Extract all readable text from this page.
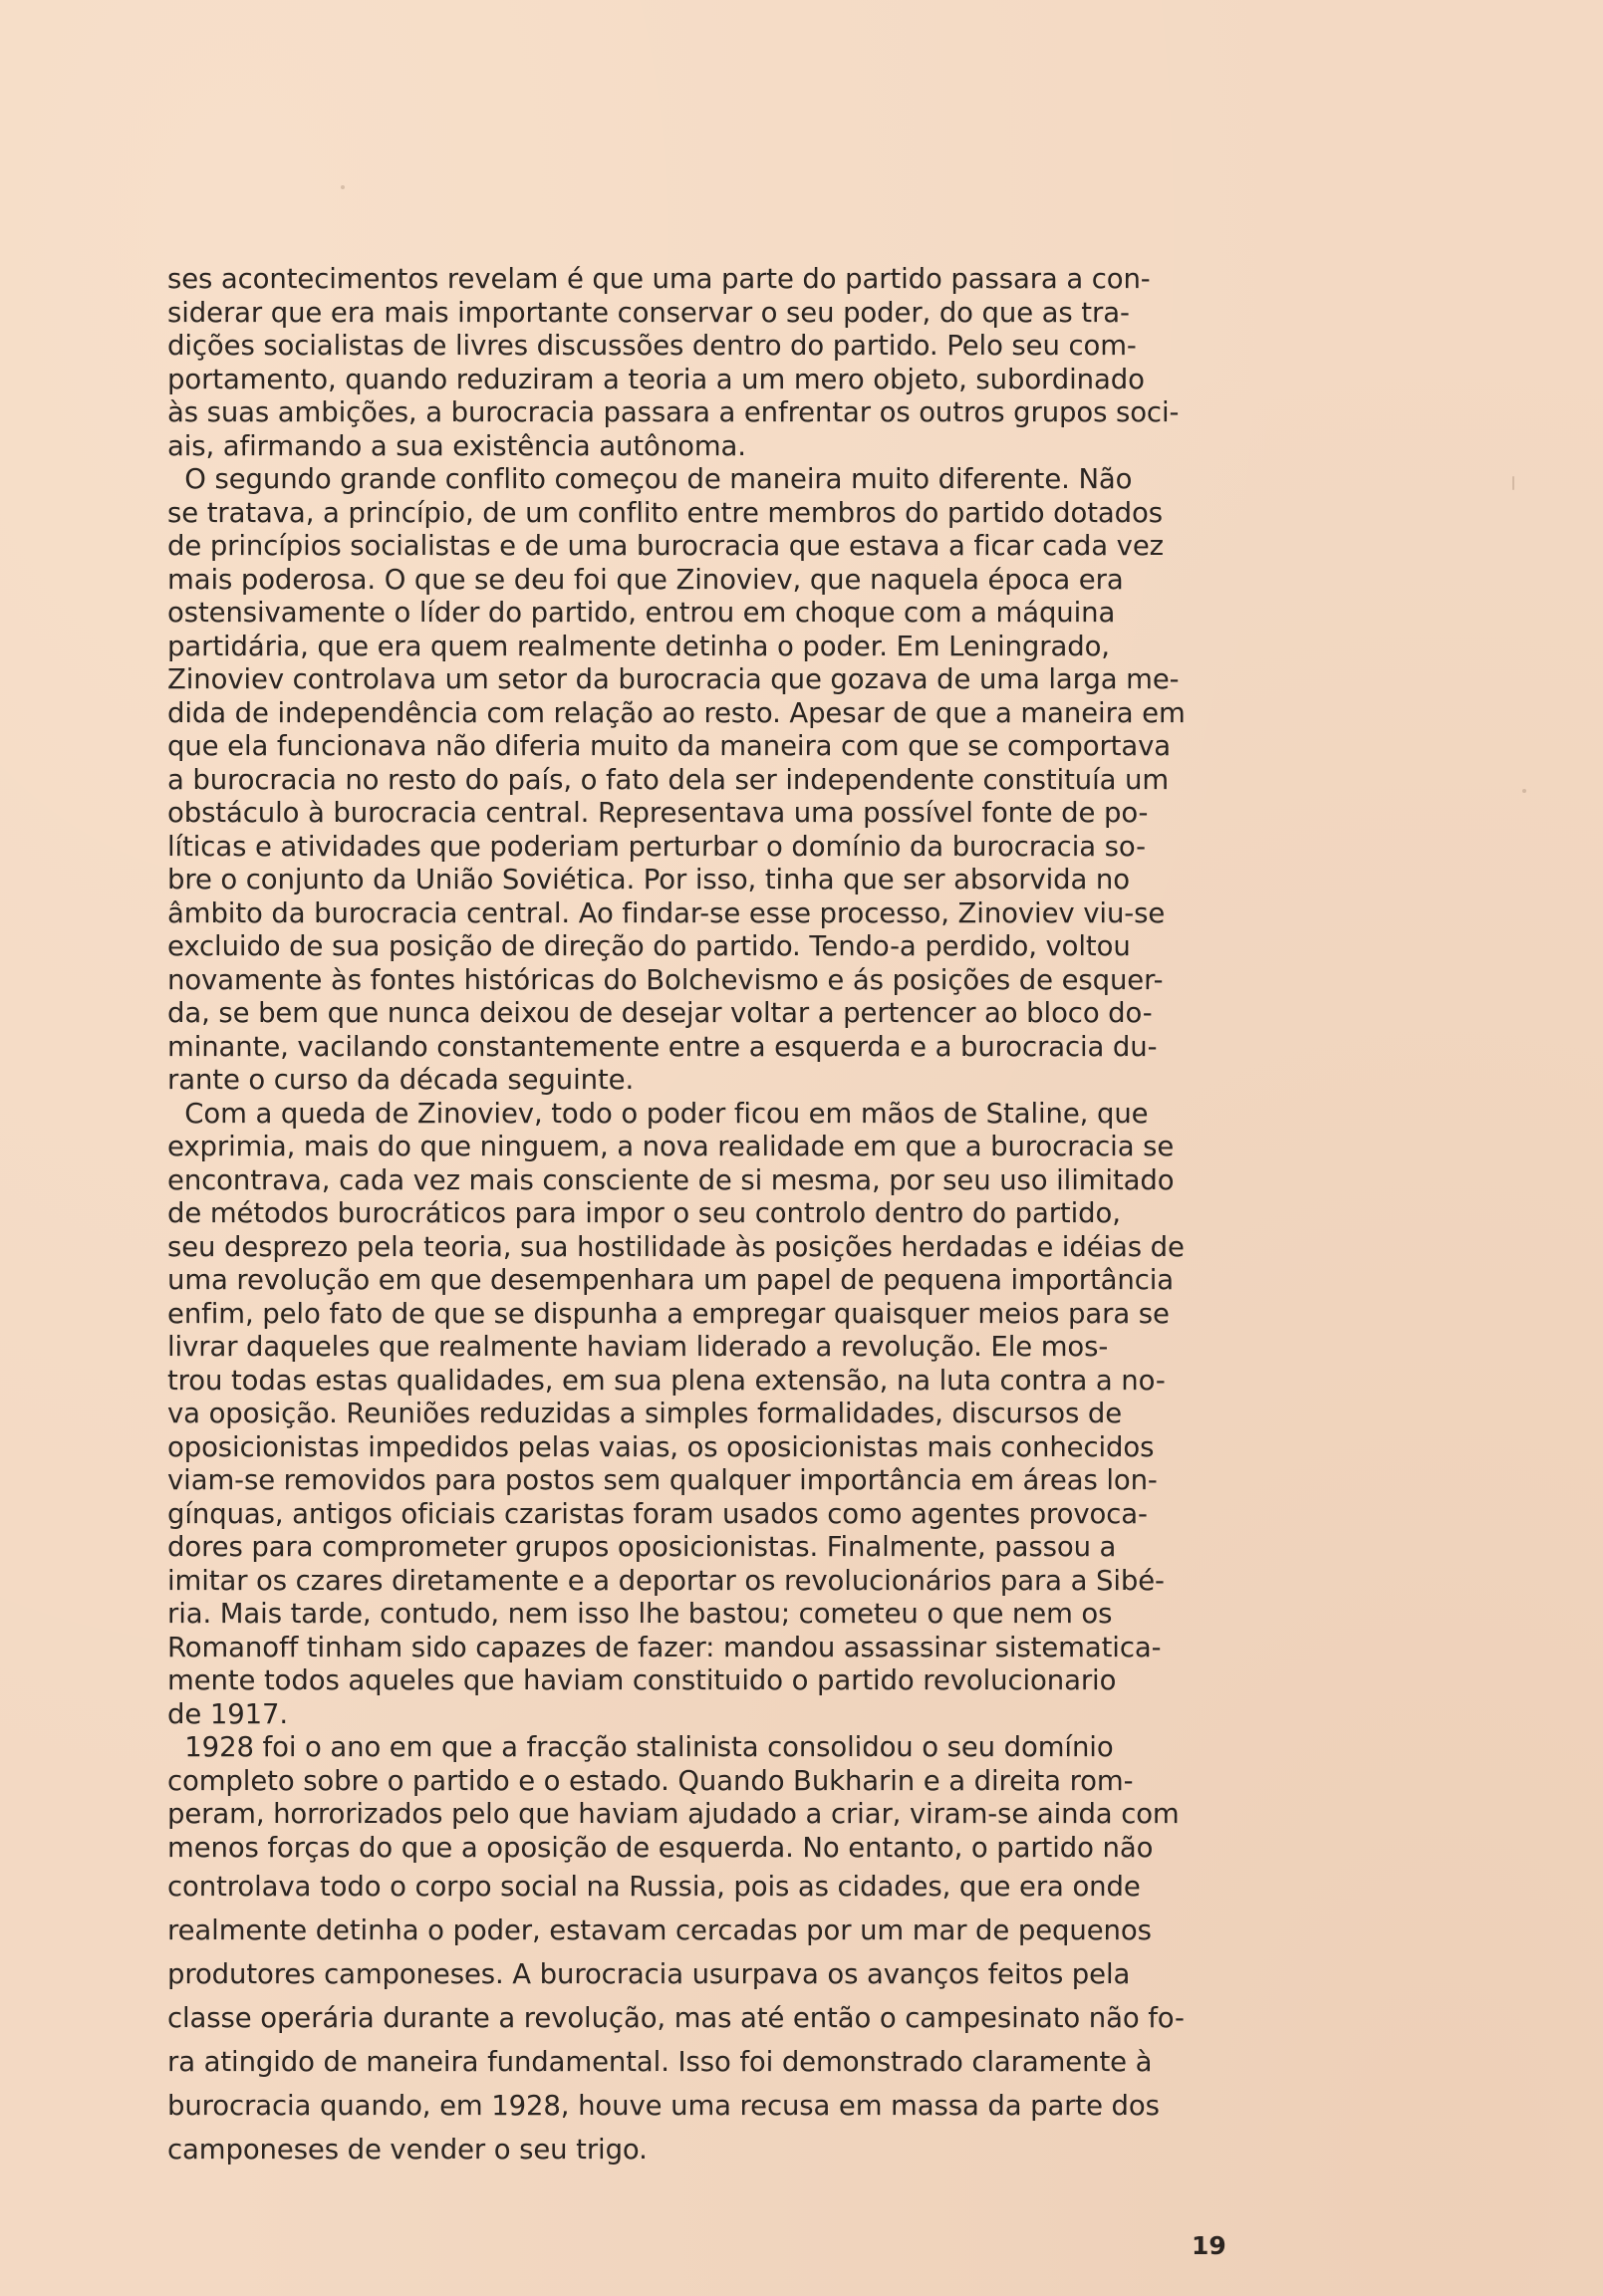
ses acontecimentos revelam é que uma parte do partido passara a con-
siderar que era mais importante conservar o seu poder, do que as tra-
dições socialistas de livres discussões dentro do partido. Pelo seu com-
portamento, quando reduziram a teoria a um mero objeto, subordinado
às suas ambições, a burocracia passara a enfrentar os outros grupos soci-
ais, afirmando a sua existência autônoma.
O segundo grande conflito começou de maneira muito diferente. Não
se tratava, a princípio, de um conflito entre membros do partido dotados
de princípios socialistas e de uma burocracia que estava a ficar cada vez
mais poderosa. O que se deu foi que Zinoviev, que naquela época era
ostensivamente o líder do partido, entrou em choque com a máquina
partidária, que era quem realmente detinha o poder. Em Leningrado,
Zinoviev controlava um setor da burocracia que gozava de uma larga me-
dida de independência com relação ao resto. Apesar de que a maneira em
que ela funcionava não diferia muito da maneira com que se comportava
a burocracia no resto do país, o fato dela ser independente constituía um
obstáculo à burocracia central. Representava uma possível fonte de po-
líticas e atividades que poderiam perturbar o domínio da burocracia so-
bre o conjunto da União Soviética. Por isso, tinha que ser absorvida no
âmbito da burocracia central. Ao findar-se esse processo, Zinoviev viu-se
excluido de sua posição de direção do partido. Tendo-a perdido, voltou
novamente às fontes históricas do Bolchevismo e ás posições de esquer-
da, se bem que nunca deixou de desejar voltar a pertencer ao bloco do-
minante, vacilando constantemente entre a esquerda e a burocracia du-
rante o curso da década seguinte.
Com a queda de Zinoviev, todo o poder ficou em mãos de Staline, que
exprimia, mais do que ninguem, a nova realidade em que a burocracia se
encontrava, cada vez mais consciente de si mesma, por seu uso ilimitado
de métodos burocráticos para impor o seu controlo dentro do partido,
seu desprezo pela teoria, sua hostilidade às posições herdadas e idéias de
uma revolução em que desempenhara um papel de pequena importância
enfim, pelo fato de que se dispunha a empregar quaisquer meios para se
livrar daqueles que realmente haviam liderado a revolução. Ele mos-
trou todas estas qualidades, em sua plena extensão, na luta contra a no-
va oposição. Reuniões reduzidas a simples formalidades, discursos de
oposicionistas impedidos pelas vaias, os oposicionistas mais conhecidos
viam-se removidos para postos sem qualquer importância em áreas lon-
gínquas, antigos oficiais czaristas foram usados como agentes provoca-
dores para comprometer grupos oposicionistas. Finalmente, passou a
imitar os czares diretamente e a deportar os revolucionários para a Sibé-
ria. Mais tarde, contudo, nem isso lhe bastou; cometeu o que nem os
Romanoff tinham sido capazes de fazer: mandou assassinar sistematica-
mente todos aqueles que haviam constituido o partido revolucionario
de 1917.
1928 foi o ano em que a fracção stalinista consolidou o seu domínio
completo sobre o partido e o estado. Quando Bukharin e a direita rom-
peram, horrorizados pelo que haviam ajudado a criar, viram-se ainda com
menos forças do que a oposição de esquerda. No entanto, o partido não
controlava todo o corpo social na Russia, pois as cidades, que era onde
realmente detinha o poder, estavam cercadas por um mar de pequenos
produtores camponeses. A burocracia usurpava os avanços feitos pela
classe operária durante a revolução, mas até então o campesinato não fo-
ra atingido de maneira fundamental. Isso foi demonstrado claramente à
burocracia quando, em 1928, houve uma recusa em massa da parte dos
camponeses de vender o seu trigo.
19
